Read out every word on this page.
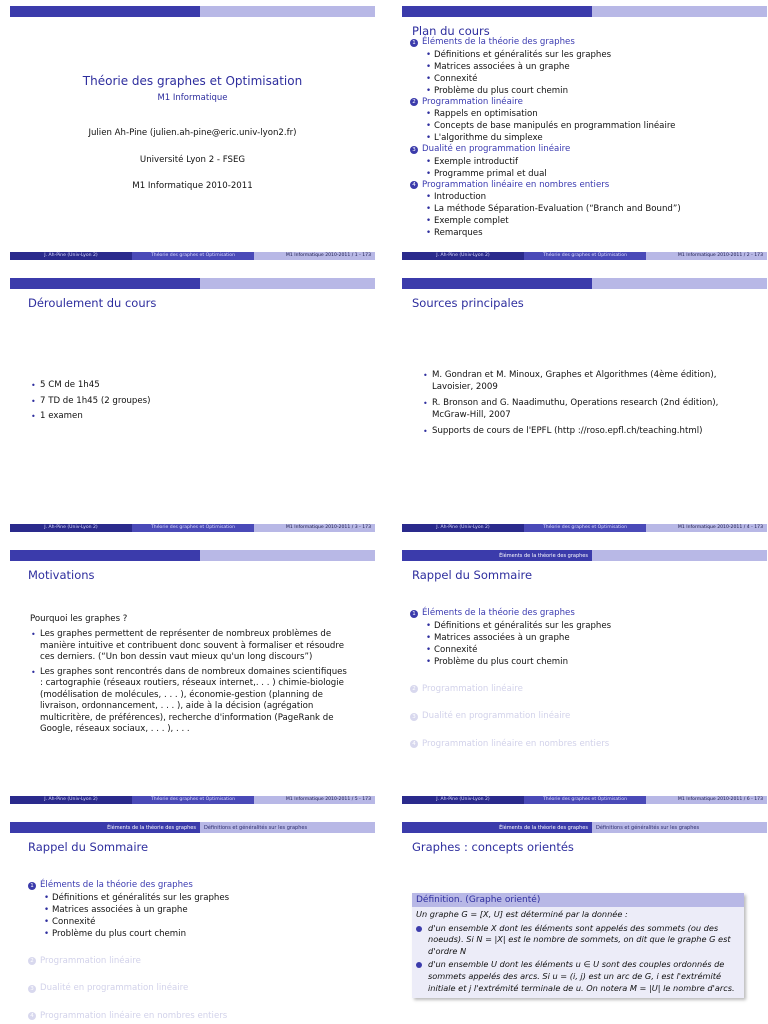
Théorie des graphes et Optimisation
M1 Informatique
Julien Ah-Pine (julien.ah-pine@eric.univ-lyon2.fr)
Université Lyon 2 - FSEG
M1 Informatique 2010-2011
J. Ah-Pine (Univ-Lyon 2)	Théorie des graphes et Optimisation	M1 Informatique 2010-2011 / 1 - 173
Plan du cours
1 Éléments de la théorie des graphes
• Définitions et généralités sur les graphes
• Matrices associées à un graphe
• Connexité
• Problème du plus court chemin
2 Programmation linéaire
• Rappels en optimisation
• Concepts de base manipulés en programmation linéaire
• L'algorithme du simplexe
3 Dualité en programmation linéaire
• Exemple introductif
• Programme primal et dual
4 Programmation linéaire en nombres entiers
• Introduction
• La méthode Séparation-Evaluation (“Branch and Bound”)
• Exemple complet
• Remarques
J. Ah-Pine (Univ-Lyon 2)	Théorie des graphes et Optimisation	M1 Informatique 2010-2011 / 2 - 173
Déroulement du cours
• 5 CM de 1h45
• 7 TD de 1h45 (2 groupes)
• 1 examen
J. Ah-Pine (Univ-Lyon 2)	Théorie des graphes et Optimisation	M1 Informatique 2010-2011 / 3 - 173
Sources principales
• M. Gondran et M. Minoux, Graphes et Algorithmes (4ème édition), Lavoisier, 2009
• R. Bronson and G. Naadimuthu, Operations research (2nd édition), McGraw-Hill, 2007
• Supports de cours de l'EPFL (http ://roso.epfl.ch/teaching.html)
J. Ah-Pine (Univ-Lyon 2)	Théorie des graphes et Optimisation	M1 Informatique 2010-2011 / 4 - 173
Motivations
Pourquoi les graphes ?
• Les graphes permettent de représenter de nombreux problèmes de manière intuitive et contribuent donc souvent à formaliser et résoudre ces derniers. (“Un bon dessin vaut mieux qu'un long discours”)
• Les graphes sont rencontrés dans de nombreux domaines scientifiques : cartographie (réseaux routiers, réseaux internet,. . . ) chimie-biologie (modélisation de molécules, . . . ), économie-gestion (planning de livraison, ordonnancement, . . . ), aide à la décision (agrégation multicritère, de préférences), recherche d'information (PageRank de Google, réseaux sociaux, . . . ), . . .
J. Ah-Pine (Univ-Lyon 2)	Théorie des graphes et Optimisation	M1 Informatique 2010-2011 / 5 - 173
Éléments de la théorie des graphes
Rappel du Sommaire
1 Éléments de la théorie des graphes
• Définitions et généralités sur les graphes
• Matrices associées à un graphe
• Connexité
• Problème du plus court chemin
2 Programmation linéaire
3 Dualité en programmation linéaire
4 Programmation linéaire en nombres entiers
J. Ah-Pine (Univ-Lyon 2)	Théorie des graphes et Optimisation	M1 Informatique 2010-2011 / 6 - 173
Éléments de la théorie des graphes	Définitions et généralités sur les graphes
Rappel du Sommaire
1 Éléments de la théorie des graphes
• Définitions et généralités sur les graphes
• Matrices associées à un graphe
• Connexité
• Problème du plus court chemin
2 Programmation linéaire
3 Dualité en programmation linéaire
4 Programmation linéaire en nombres entiers
Éléments de la théorie des graphes	Définitions et généralités sur les graphes
Graphes : concepts orientés
Définition. (Graphe orienté)
Un graphe G = [X, U] est déterminé par la donnée :
d'un ensemble X dont les éléments sont appelés des sommets (ou des noeuds). Si N = |X| est le nombre de sommets, on dit que le graphe G est d'ordre N
d'un ensemble U dont les éléments u ∈ U sont des couples ordonnés de sommets appelés des arcs. Si u = (i, j) est un arc de G, i est l'extrémité initiale et j l'extrémité terminale de u. On notera M = |U| le nombre d'arcs.
